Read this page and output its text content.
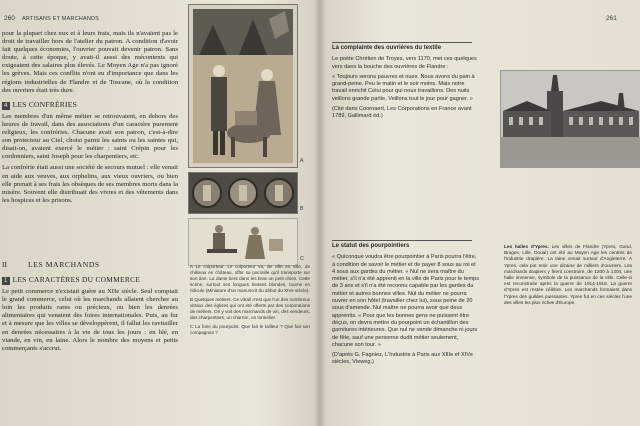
260 ARTISANS ET MARCHANDS

pour la plupart chez eux et à leurs frais, mais ils n'avaient pas le droit de travailler hors de l'atelier du patron. A condition d'avoir fait quelques économies, l'ouvrier pouvait devenir patron. Sans doute, à cette époque, y avait-il aussi des mécontents qui exigeaient des salaires plus élevés. Le Moyen Age n'a pas ignoré les grèves. Mais ces conflits n'ont eu d'importance que dans les régions industrielles de Flandre et de Toscane, où la condition des ouvriers était très dure.

4 LES CONFRÉRIES

Les membres d'un même métier se retrouvaient, en dehors des heures de travail, dans des associations d'un caractère purement religieux, les confréries. Chacune avait son patron, c'est-à-dire son protecteur au Ciel, choisi parmi les saints ou les saintes qui, disait-on, avaient exercé le métier : saint Crépin pour les cordonniers, saint Joseph pour les charpentiers, etc.

La confrérie était aussi une société de secours mutuel : elle venait en aide aux veuves, aux orphelins, aux vieux ouvriers, ou bien elle prenait à ses frais les obsèques de ses membres morts dans la misère. Souvent elle distribuait des vivres et des vêtements dans les hospices et les prisons.

II	LES MARCHANDS
1 LES CARACTÈRES DU COMMERCE

Le petit commerce n'existait guère au XIIe siècle. Seul comptait le grand commerce, celui où les marchands allaient chercher au loin les produits rares ou précieux, ou bien les denrées alimentaires qui venaient des foires internationales. Puis, au fur et à mesure que les villes se développèrent, il fallut les ravitailler en denrées nécessaires à la vie de tous les jours : en blé, en viande, en vin, en laine. Alors le nombre des moyens et petits commerçants s'accrut.

A
B
C

A Le colporteur. Le colporteur va, de ville en ville, de château en château, offrir sa pacotille qu'il transporte sur son âne. La dame tient dans les bras un petit chien. Cette scène, surtout ses longues tresses blondes, tourne en ridicule (Miniature d'un manuscrit du début du XIVe siècle).

B Quelques métiers. Ce vitrail n'est que l'un des nombreux vitraux des églises qui ont été offerts par des corporations de métiers. On y voit des marchands de vin, des vendeurs, des charpentiers, un charron, un tonnelier.

C La foire du pourpoint. Que fait le tailleur ? Que fait son compagnon ?

261
La complainte des ouvrières du textile

Le poète Chrétien de Troyes, vers 1170, met ces quelques vers dans la bouche des ouvrières de Flandre :

« Toujours serons pauvres et nues. Nous avons du pain à grand-peine, Peu le matin et le soir moins. Mais notre travail enrichit Celui pour qui nous travaillons. Des nuits veillons grande partie, Veillons tout le jour pour gagner. »

(Cité dans Coornaert, Les Corporations en France avant 1789, Gallimard éd.)

Le statut des pourpointiers

« Quiconque voudra être pourpointier à Paris pourra l'être, à condition de savoir le métier et de payer 8 sous au roi et 4 sous aux gardes du métier. « Nul ne sera maître du métier, s'il n'a été apprenti en la ville de Paris pour le temps de 3 ans et s'il n'a été reconnu capable par les gardes du métier et autres bonnes villes. Nul du métier ne pourra ouvrer en son hôtel (travailler chez lui), sous peine de 20 sous d'amende. Nul maître ne pourra avoir que deux apprentis. « Pour que les bonnes gens ne puissent être déçus, on devra mettre du pourpoint un échantillon des garnitures intérieures. Que nul ne vende dimanche ni jours de fête, sauf une personne dudit métier seulement, chacune son tour. »

(D'après G. Fagniez, L'Industrie à Paris aux XIIIe et XIVe siècles, Vieweg.)

Les halles d'Ypres. Les villes de Flandre (Ypres, Gand, Bruges, Lille, Douai) ont été au Moyen Age les centres de l'industrie drapière. La laine venait surtout d'Angleterre. A Ypres, cela put tenir une dizaine de milliers d'ouvriers. Les marchands drapiers y firent construire, de 1200 à 1304, une halle immense, symbole de la puissance de la ville. Celle-ci est reconstruite après la guerre de 1914-1918. La guerre d'Ypres est restée célèbre. Les marchands formaient dans l'Ypres des guildes puissantes. Ypres fut en ces siècles l'une des villes les plus riches d'Europe.
